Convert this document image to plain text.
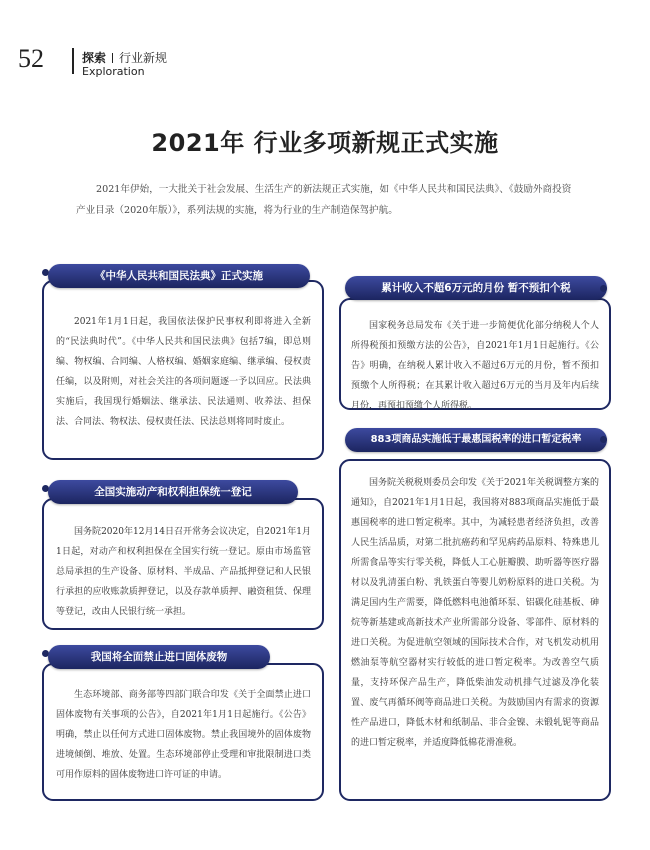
52	探索 行业新规
Exploration
2021年 行业多项新规正式实施
2021年伊始，一大批关于社会发展、生活生产的新法规正式实施，如《中华人民共和国民法典》、《鼓励外商投资产业目录（2020年版）》，系列法规的实施，将为行业的生产制造保驾护航。
2021年1月1日起，我国依法保护民事权利即将进入全新的“民法典时代”。《中华人民共和国民法典》包括7编，即总则编、物权编、合同编、人格权编、婚姻家庭编、继承编、侵权责任编，以及附则，对社会关注的各项问题逐一予以回应。民法典实施后，我国现行婚姻法、继承法、民法通则、收养法、担保法、合同法、物权法、侵权责任法、民法总则将同时废止。
《中华人民共和国民法典》正式实施
国务院2020年12月14日召开常务会议决定，自2021年1月1日起，对动产和权利担保在全国实行统一登记。原由市场监管总局承担的生产设备、原材料、半成品、产品抵押登记和人民银行承担的应收账款质押登记，以及存款单质押、融资租赁、保理等登记，改由人民银行统一承担。
全国实施动产和权利担保统一登记
生态环境部、商务部等四部门联合印发《关于全面禁止进口固体废物有关事项的公告》，自2021年1月1日起施行。《公告》明确，禁止以任何方式进口固体废物。禁止我国境外的固体废物进境倾倒、堆放、处置。生态环境部停止受理和审批限制进口类可用作原料的固体废物进口许可证的申请。
我国将全面禁止进口固体废物
国家税务总局发布《关于进一步简便优化部分纳税人个人所得税预扣预缴方法的公告》，自2021年1月1日起施行。《公告》明确，在纳税人累计收入不超过6万元的月份，暂不预扣预缴个人所得税；在其累计收入超过6万元的当月及年内后续月份，再预扣预缴个人所得税。
累计收入不超6万元的月份 暂不预扣个税
国务院关税税则委员会印发《关于2021年关税调整方案的通知》，自2021年1月1日起，我国将对883项商品实施低于最惠国税率的进口暂定税率。其中，为减轻患者经济负担，改善人民生活品质，对第二批抗癌药和罕见病药品原料、特殊患儿所需食品等实行零关税，降低人工心脏瓣膜、助听器等医疗器材以及乳清蛋白粉、乳铁蛋白等婴儿奶粉原料的进口关税。为满足国内生产需要，降低燃料电池循环泵、铝碳化硅基板、砷烷等新基建或高新技术产业所需部分设备、零部件、原材料的进口关税。为促进航空领域的国际技术合作，对飞机发动机用燃油泵等航空器材实行较低的进口暂定税率。为改善空气质量，支持环保产品生产，降低柴油发动机排气过滤及净化装置、废气再循环阀等商品进口关税。为鼓励国内有需求的资源性产品进口，降低木材和纸制品、非合金镍、未锻轧铌等商品的进口暂定税率，并适度降低棉花滑准税。
883项商品实施低于最惠国税率的进口暂定税率
